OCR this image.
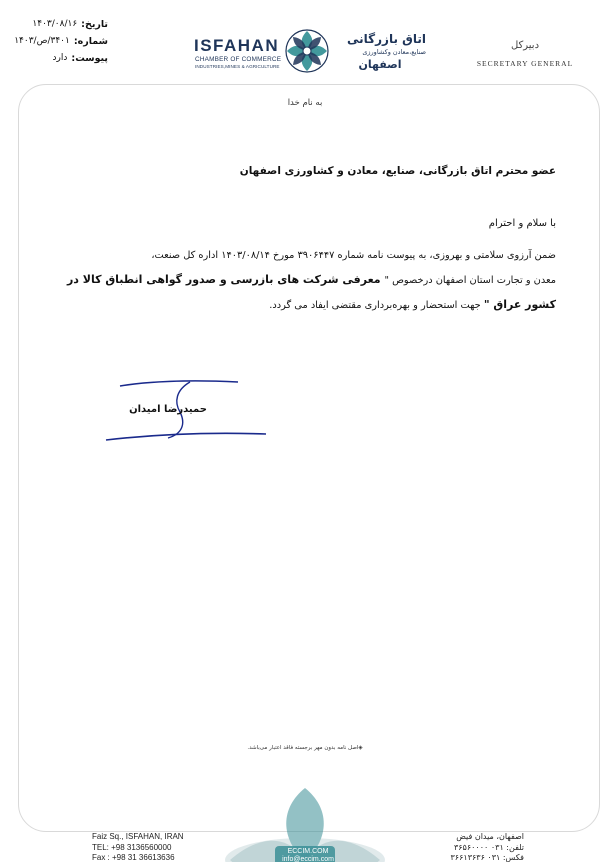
تاریخ:
۱۴۰۳/۰۸/۱۶
شماره:
۳۴۰۱/ص/۱۴۰۳
پیوست:
دارد
ISFAHAN
CHAMBER OF COMMERCE
INDUSTRIES,MINES & AGRICULTURE
اتاق بازرگانی
صنایع،معادن وکشاورزی
اصفهان
دبیرکل
SECRETARY GENERAL
به نام خدا
عضو محترم اتاق بازرگانی، صنایع، معادن و کشاورزی اصفهان
با سلام و احترام
ضمن آرزوی سلامتی و بهروزی، به پیوست نامه شماره ۳۹۰۶۴۴۷ مورخ ۱۴۰۳/۰۸/۱۴ اداره کل صنعت،
معدن و تجارت استان اصفهان درخصوص " معرفی شرکت های بازرسی و صدور گواهی انطباق کالا در
کشور عراق " جهت استحضار و بهره‌برداری مقتضی ایفاد می گردد.
حمیدرضا امیدان
◈اصل نامه بدون مهر برجسته فاقد اعتبار می‌باشد.
ECCIM.COM
info@eccim.com
Faiz Sq., ISFAHAN, IRAN
TEL: +98 3136560000
Fax : +98 31 36613636
اصفهان، میدان فیض
تلفن: ۰۳۱ ۳۶۵۶۰۰۰۰
فکس: ۰۳۱ ۳۶۶۱۳۶۳۶
